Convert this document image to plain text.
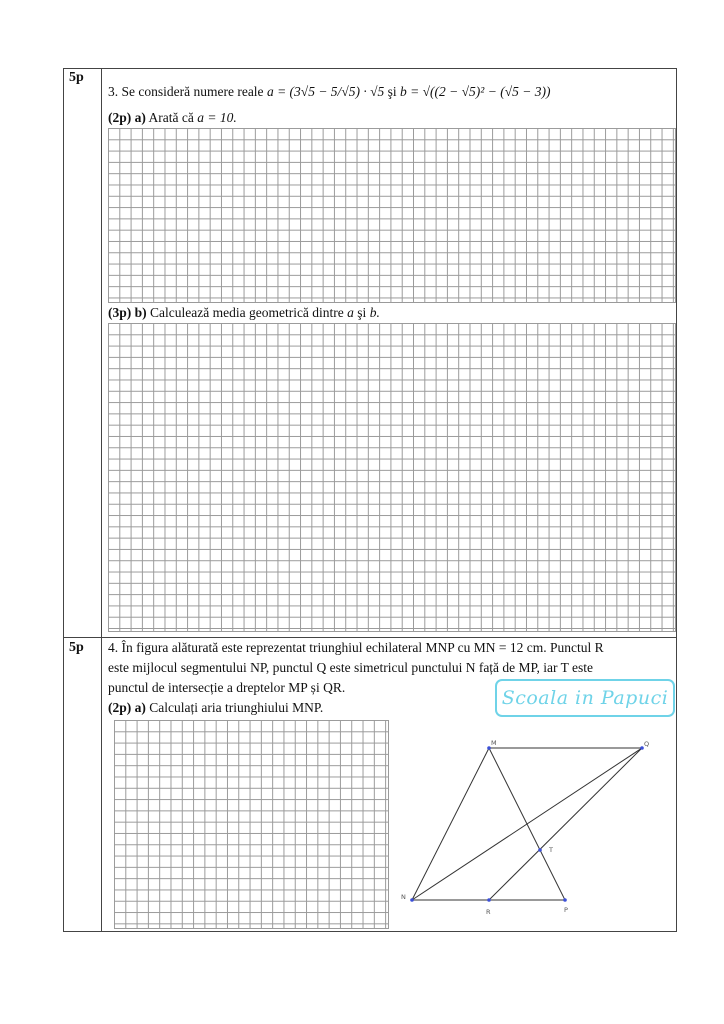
5p
3. Se consideră numere reale a = (3√5 − 5/√5) · √5 şi b = √((2 − √5)² − (√5 − 3))
(2p) a) Arată că a = 10.
(3p) b) Calculează media geometrică dintre a şi b.
5p 4. În figura alăturată este reprezentat triunghiul echilateral MNP cu MN = 12 cm. Punctul R
este mijlocul segmentului NP, punctul Q este simetricul punctului N față de MP, iar T este
punctul de intersecție a dreptelor MP și QR.
(2p) a) Calculați aria triunghiului MNP.	Scoala in Papuci
M	Q
N
P
R
T
